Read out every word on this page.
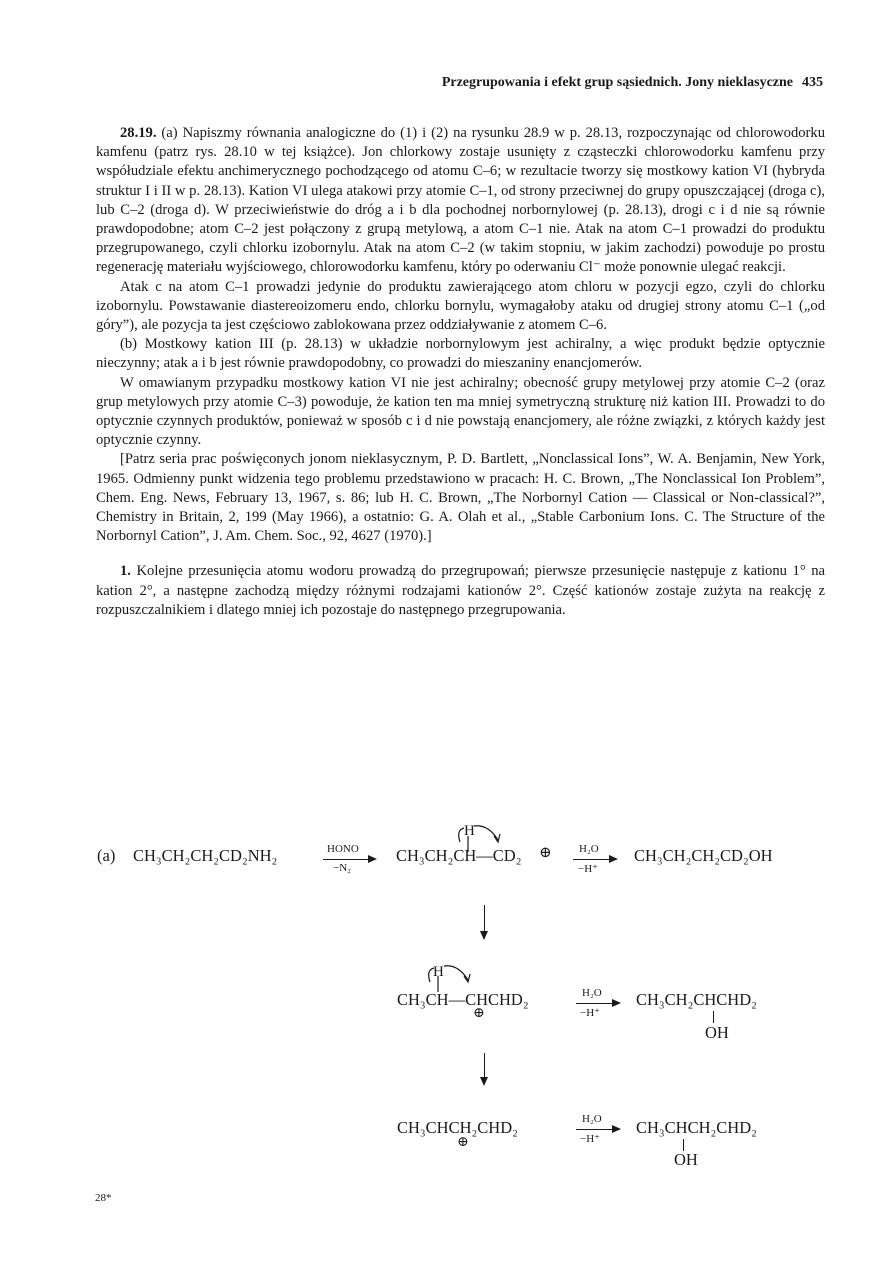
Przegrupowania i efekt grup sąsiednich. Jony nieklasyczne 435

28.19. (a) Napiszmy równania analogiczne do (1) i (2) na rysunku 28.9 w p. 28.13, rozpoczynając od chlorowodorku kamfenu (patrz rys. 28.10 w tej książce). Jon chlorkowy zostaje usunięty z cząsteczki chlorowodorku kamfenu przy współudziale efektu anchimerycznego pochodzącego od atomu C–6; w rezultacie tworzy się mostkowy kation VI (hybryda struktur I i II w p. 28.13). Kation VI ulega atakowi przy atomie C–1, od strony przeciwnej do grupy opuszczającej (droga c), lub C–2 (droga d). W przeciwieństwie do dróg a i b dla pochodnej norbornylowej (p. 28.13), drogi c i d nie są równie prawdopodobne; atom C–2 jest połączony z grupą metylową, a atom C–1 nie. Atak na atom C–1 prowadzi do produktu przegrupowanego, czyli chlorku izobornylu. Atak na atom C–2 (w takim stopniu, w jakim zachodzi) powoduje po prostu regenerację materiału wyjściowego, chlorowodorku kamfenu, który po oderwaniu Cl⁻ może ponownie ulegać reakcji.

Atak c na atom C–1 prowadzi jedynie do produktu zawierającego atom chloru w pozycji egzo, czyli do chlorku izobornylu. Powstawanie diastereoizomeru endo, chlorku bornylu, wymagałoby ataku od drugiej strony atomu C–1 („od góry”), ale pozycja ta jest częściowo zablokowana przez oddziaływanie z atomem C–6.

(b) Mostkowy kation III (p. 28.13) w układzie norbornylowym jest achiralny, a więc produkt będzie optycznie nieczynny; atak a i b jest równie prawdopodobny, co prowadzi do mieszaniny enancjomerów.

W omawianym przypadku mostkowy kation VI nie jest achiralny; obecność grupy metylowej przy atomie C–2 (oraz grup metylowych przy atomie C–3) powoduje, że kation ten ma mniej symetryczną strukturę niż kation III. Prowadzi to do optycznie czynnych produktów, ponieważ w sposób c i d nie powstają enancjomery, ale różne związki, z których każdy jest optycznie czynny.

[Patrz seria prac poświęconych jonom nieklasycznym, P. D. Bartlett, „Nonclassical Ions”, W. A. Benjamin, New York, 1965. Odmienny punkt widzenia tego problemu przedstawiono w pracach: H. C. Brown, „The Nonclassical Ion Problem”, Chem. Eng. News, February 13, 1967, s. 86; lub H. C. Brown, „The Norbornyl Cation — Classical or Non-classical?”, Chemistry in Britain, 2, 199 (May 1966), a ostatnio: G. A. Olah et al., „Stable Carbonium Ions. C. The Structure of the Norbornyl Cation”, J. Am. Chem. Soc., 92, 4627 (1970).]

1. Kolejne przesunięcia atomu wodoru prowadzą do przegrupowań; pierwsze przesunięcie następuje z kationu 1° na kation 2°, a następne zachodzą między różnymi rodzajami kationów 2°. Część kationów zostaje zużyta na reakcję z rozpuszczalnikiem i dlatego mniej ich pozostaje do następnego przegrupowania.

(a) CH₃CH₂CH₂CD₂NH₂	HONO
−N₂
H
CH₃CH₂CH—CD₂ ⊕ H₂O
−H⁺
CH₃CH₂CH₂CD₂OH
H
CH₃CH—CHCHD₂
⊕
H₂O
−H⁺
CH₃CH₂CHCHD₂
OH
CH₃CHCH₂CHD₂
⊕
H₂O
−H⁺
CH₃CHCH₂CHD₂
OH
28*
